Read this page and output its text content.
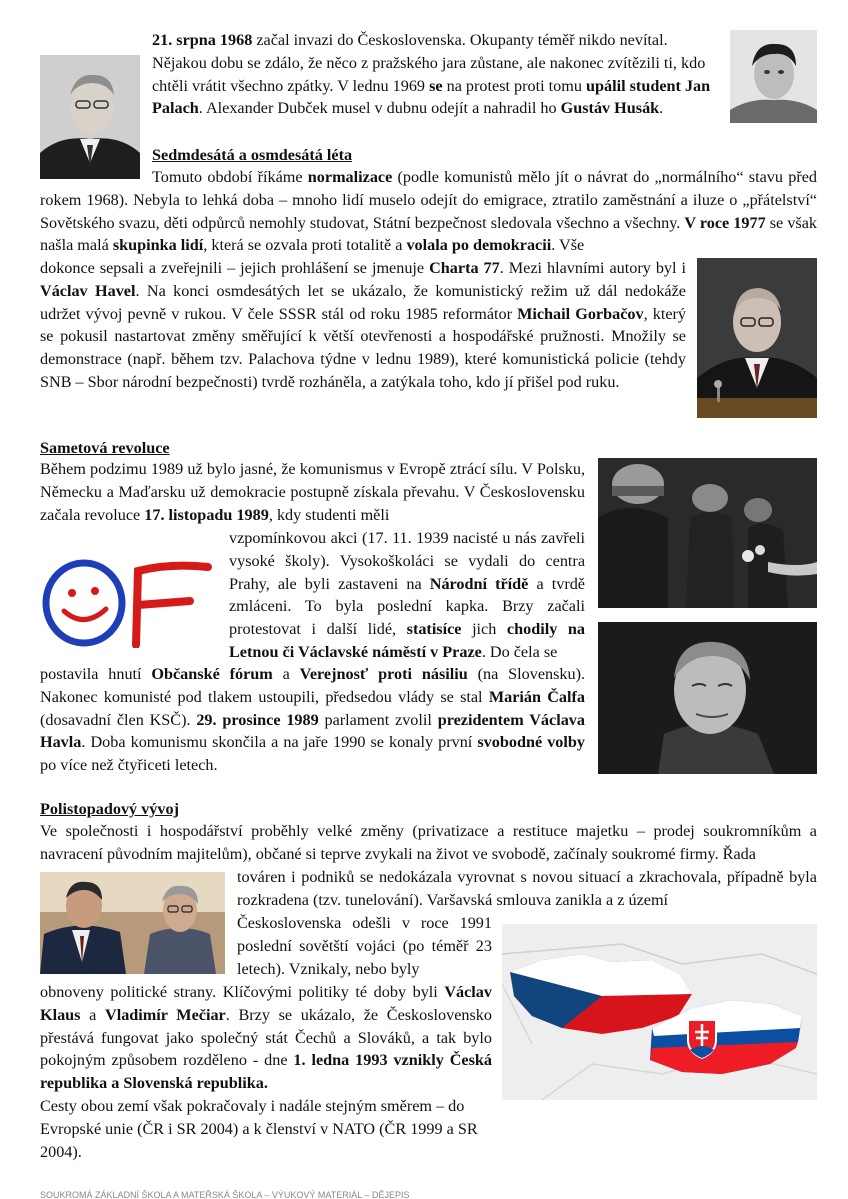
21. srpna 1968 začal invazi do Československa. Okupanty téměř nikdo nevítal. Nějakou dobu se zdálo, že něco z pražského jara zůstane, ale nakonec zvítězili ti, kdo chtěli vrátit všechno zpátky. V lednu 1969 se na protest proti tomu upálil student Jan Palach. Alexander Dubček musel v dubnu odejít a nahradil ho Gustáv Husák.

Sedmdesátá a osmdesátá léta

Tomuto období říkáme normalizace (podle komunistů mělo jít o návrat do „normálního“ stavu před rokem 1968). Nebyla to lehká doba – mnoho lidí muselo odejít do emigrace, ztratilo zaměstnání a iluze o „přátelství“ Sovětského svazu, děti odpůrců nemohly studovat, Státní bezpečnost sledovala všechno a všechny. V roce 1977 se však našla malá skupinka lidí, která se ozvala proti totalitě a volala po demokracii. Vše

dokonce sepsali a zveřejnili – jejich prohlášení se jmenuje Charta 77. Mezi hlavními autory byl i Václav Havel. Na konci osmdesátých let se ukázalo, že komunistický režim už dál nedokáže udržet vývoj pevně v rukou. V čele SSSR stál od roku 1985 reformátor Michail Gorbačov, který se pokusil nastartovat změny směřující k větší otevřenosti a hospodářské pružnosti. Množily se demonstrace (např. během tzv. Palachova týdne v lednu 1989), které komunistická policie (tehdy SNB – Sbor národní bezpečnosti) tvrdě rozháněla, a zatýkala toho, kdo jí přišel pod ruku.

Sametová revoluce

Během podzimu 1989 už bylo jasné, že komunismus v Evropě ztrácí sílu. V Polsku, Německu a Maďarsku už demokracie postupně získala převahu. V Československu začala revoluce 17. listopadu 1989, kdy studenti měli

vzpomínkovou akci (17. 11. 1939 nacisté u nás zavřeli vysoké školy). Vysokoškoláci se vydali do centra Prahy, ale byli zastaveni na Národní třídě a tvrdě zmláceni. To byla poslední kapka. Brzy začali protestovat i další lidé, statisíce jich chodily na Letnou či Václavské náměstí v Praze. Do čela se

postavila hnutí Občanské fórum a Verejnosť proti násiliu (na Slovensku). Nakonec komunisté pod tlakem ustoupili, předsedou vlády se stal Marián Čalfa (dosavadní člen KSČ). 29. prosince 1989 parlament zvolil prezidentem Václava Havla. Doba komunismu skončila a na jaře 1990 se konaly první svobodné volby po více než čtyřiceti letech.

Polistopadový vývoj

Ve společnosti i hospodářství proběhly velké změny (privatizace a restituce majetku – prodej soukromníkům a navracení původním majitelům), občané si teprve zvykali na život ve svobodě, začínaly soukromé firmy. Řada

továren i podniků se nedokázala vyrovnat s novou situací a zkrachovala, případně byla rozkradena (tzv. tunelování). Varšavská smlouva zanikla a z území

Československa odešli v roce 1991 poslední sovětští vojáci (po téměř 23 letech). Vznikaly, nebo byly

obnoveny politické strany. Klíčovými politiky té doby byli Václav Klaus a Vladimír Mečiar. Brzy se ukázalo, že Československo přestává fungovat jako společný stát Čechů a Slováků, a tak bylo pokojným způsobem rozděleno - dne 1. ledna 1993 vznikly Česká republika a Slovenská republika.

Cesty obou zemí však pokračovaly i nadále stejným směrem – do Evropské unie (ČR i SR 2004) a k členství v NATO (ČR 1999 a SR 2004).

SOUKROMÁ ZÁKLADNÍ ŠKOLA A MATEŘSKÁ ŠKOLA – VÝUKOVÝ MATERIÁL – DĚJEPIS
